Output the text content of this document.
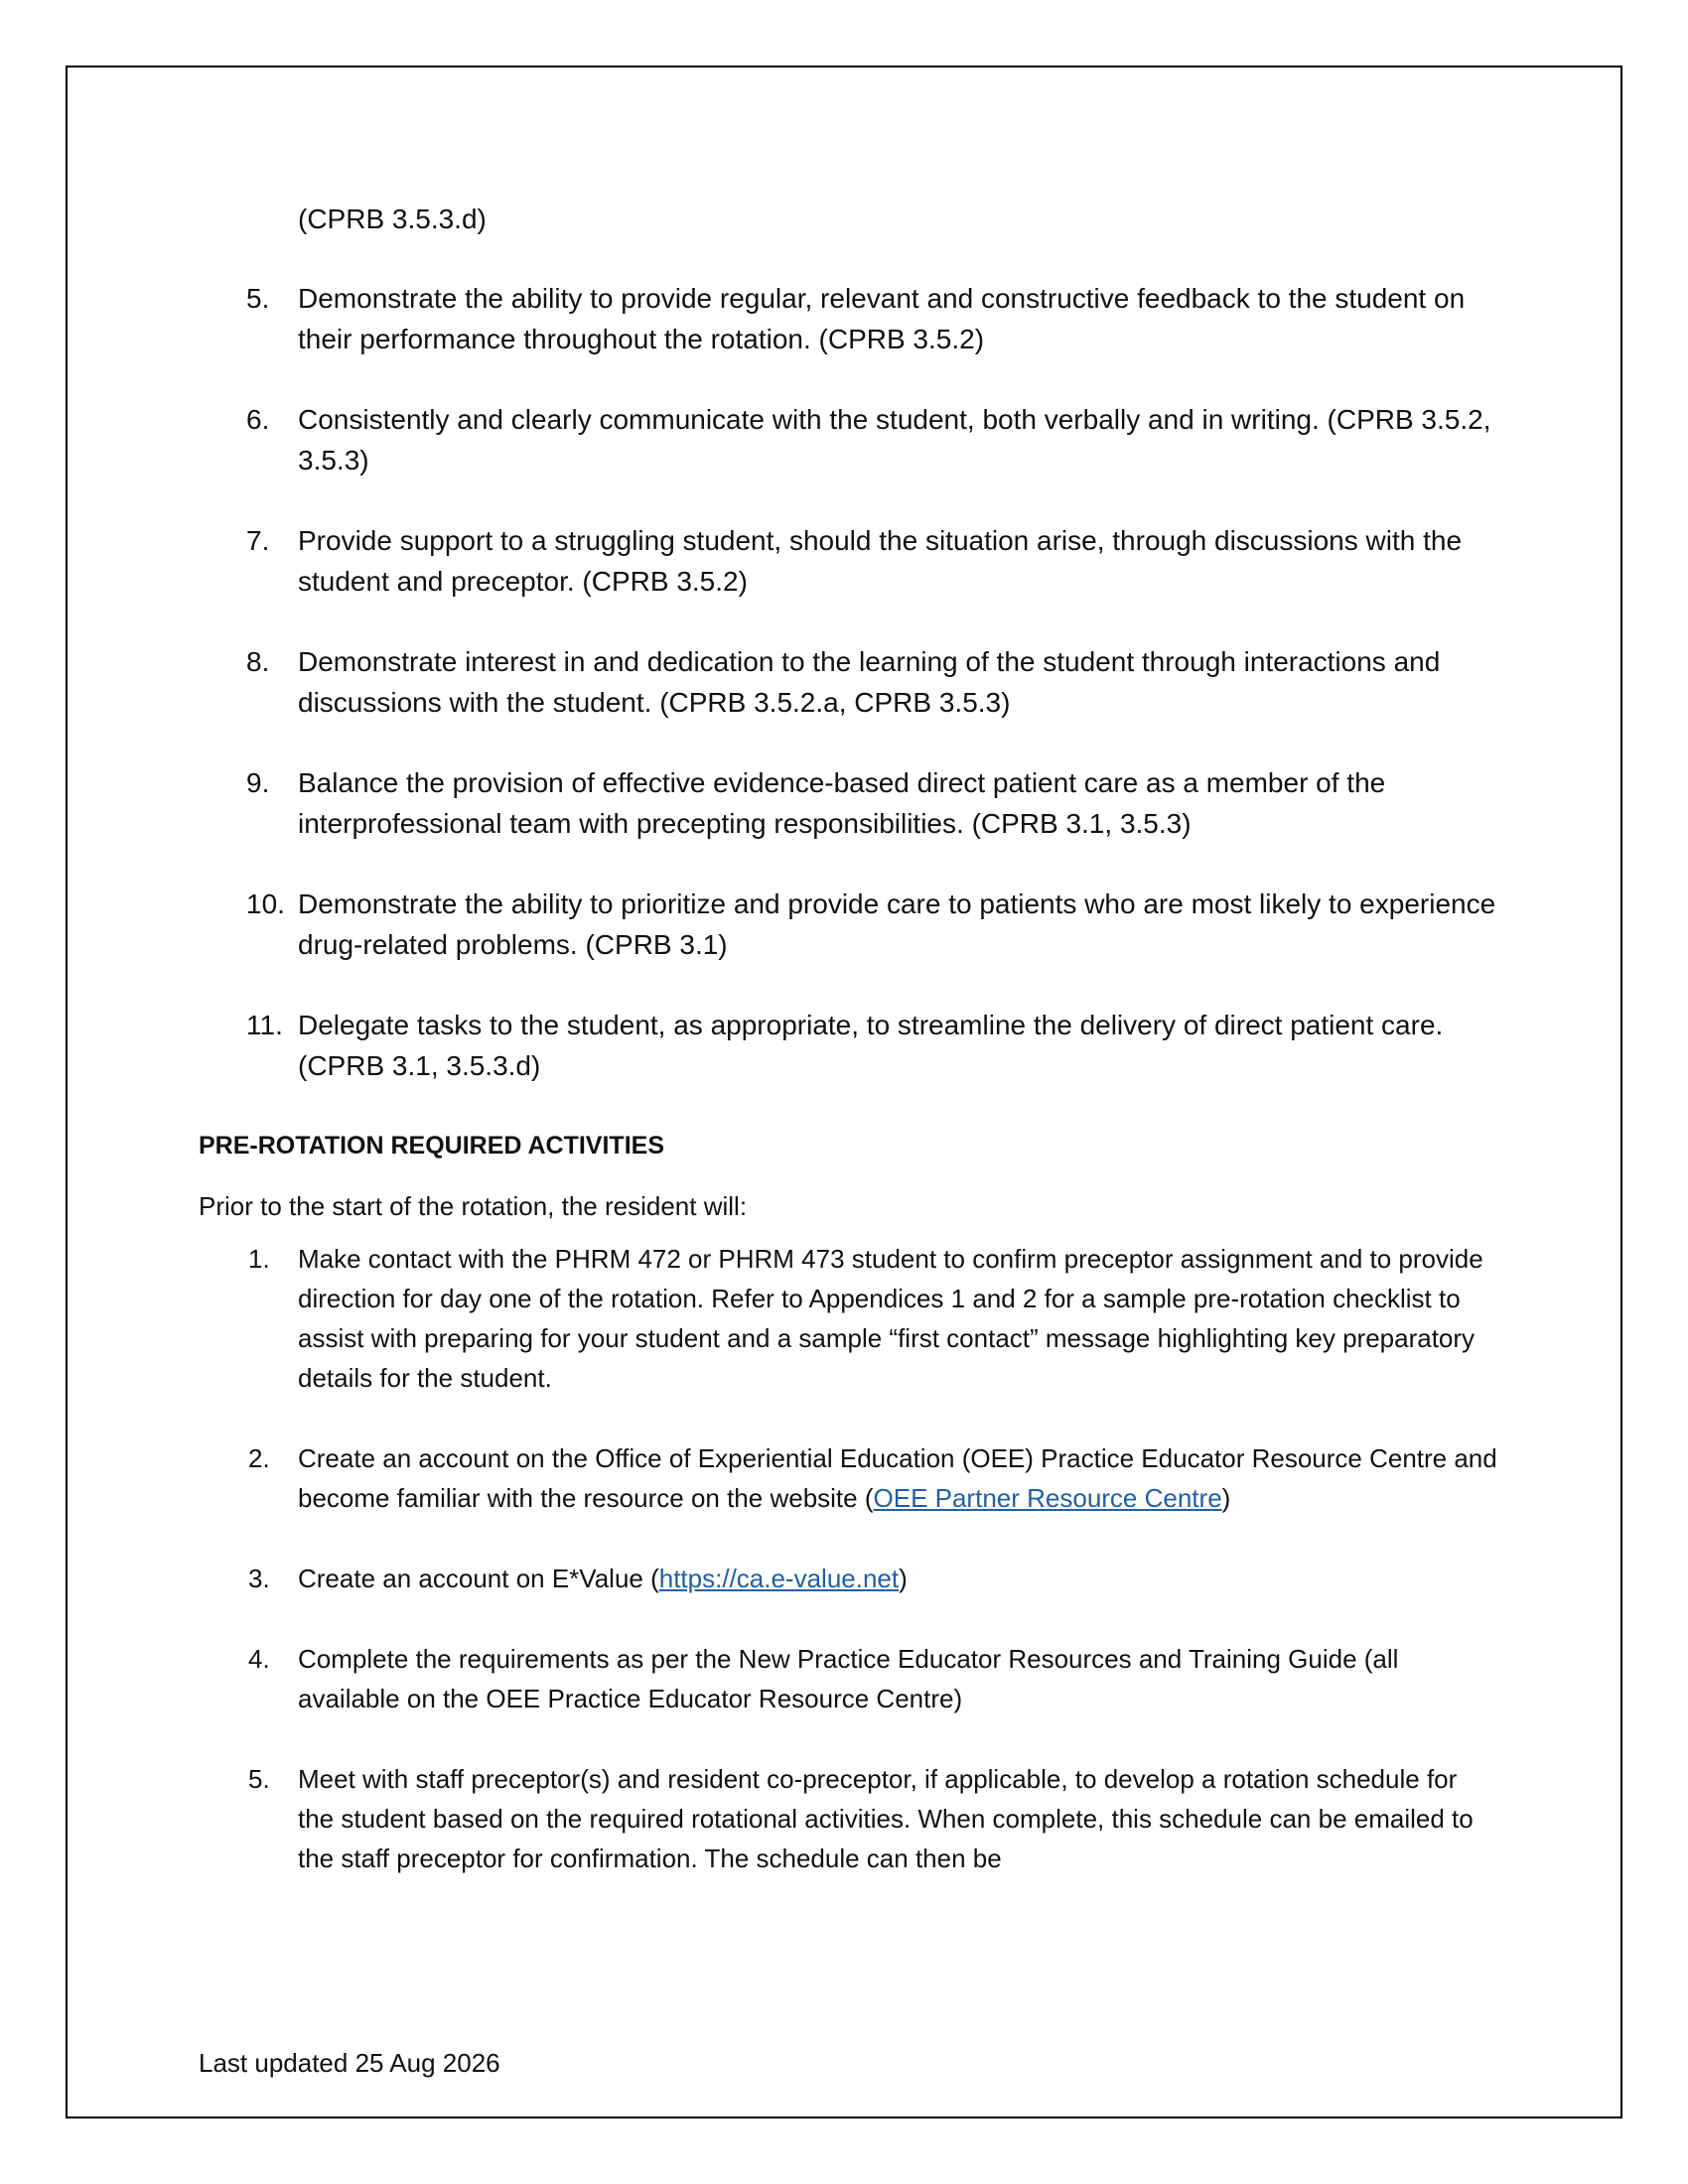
(CPRB 3.5.3.d)
5. Demonstrate the ability to provide regular, relevant and constructive feedback to the student on their performance throughout the rotation. (CPRB 3.5.2)
6. Consistently and clearly communicate with the student, both verbally and in writing. (CPRB 3.5.2, 3.5.3)
7. Provide support to a struggling student, should the situation arise, through discussions with the student and preceptor. (CPRB 3.5.2)
8. Demonstrate interest in and dedication to the learning of the student through interactions and discussions with the student. (CPRB 3.5.2.a, CPRB 3.5.3)
9. Balance the provision of effective evidence-based direct patient care as a member of the interprofessional team with precepting responsibilities. (CPRB 3.1, 3.5.3)
10. Demonstrate the ability to prioritize and provide care to patients who are most likely to experience drug-related problems. (CPRB 3.1)
11. Delegate tasks to the student, as appropriate, to streamline the delivery of direct patient care. (CPRB 3.1, 3.5.3.d)
PRE-ROTATION REQUIRED ACTIVITIES
Prior to the start of the rotation, the resident will:
1. Make contact with the PHRM 472 or PHRM 473 student to confirm preceptor assignment and to provide direction for day one of the rotation. Refer to Appendices 1 and 2 for a sample pre-rotation checklist to assist with preparing for your student and a sample “first contact” message highlighting key preparatory details for the student.
2. Create an account on the Office of Experiential Education (OEE) Practice Educator Resource Centre and become familiar with the resource on the website (OEE Partner Resource Centre)
3. Create an account on E*Value (https://ca.e-value.net)
4. Complete the requirements as per the New Practice Educator Resources and Training Guide (all available on the OEE Practice Educator Resource Centre)
5. Meet with staff preceptor(s) and resident co-preceptor, if applicable, to develop a rotation schedule for the student based on the required rotational activities. When complete, this schedule can be emailed to the staff preceptor for confirmation. The schedule can then be
Last updated 25 Aug 2026
